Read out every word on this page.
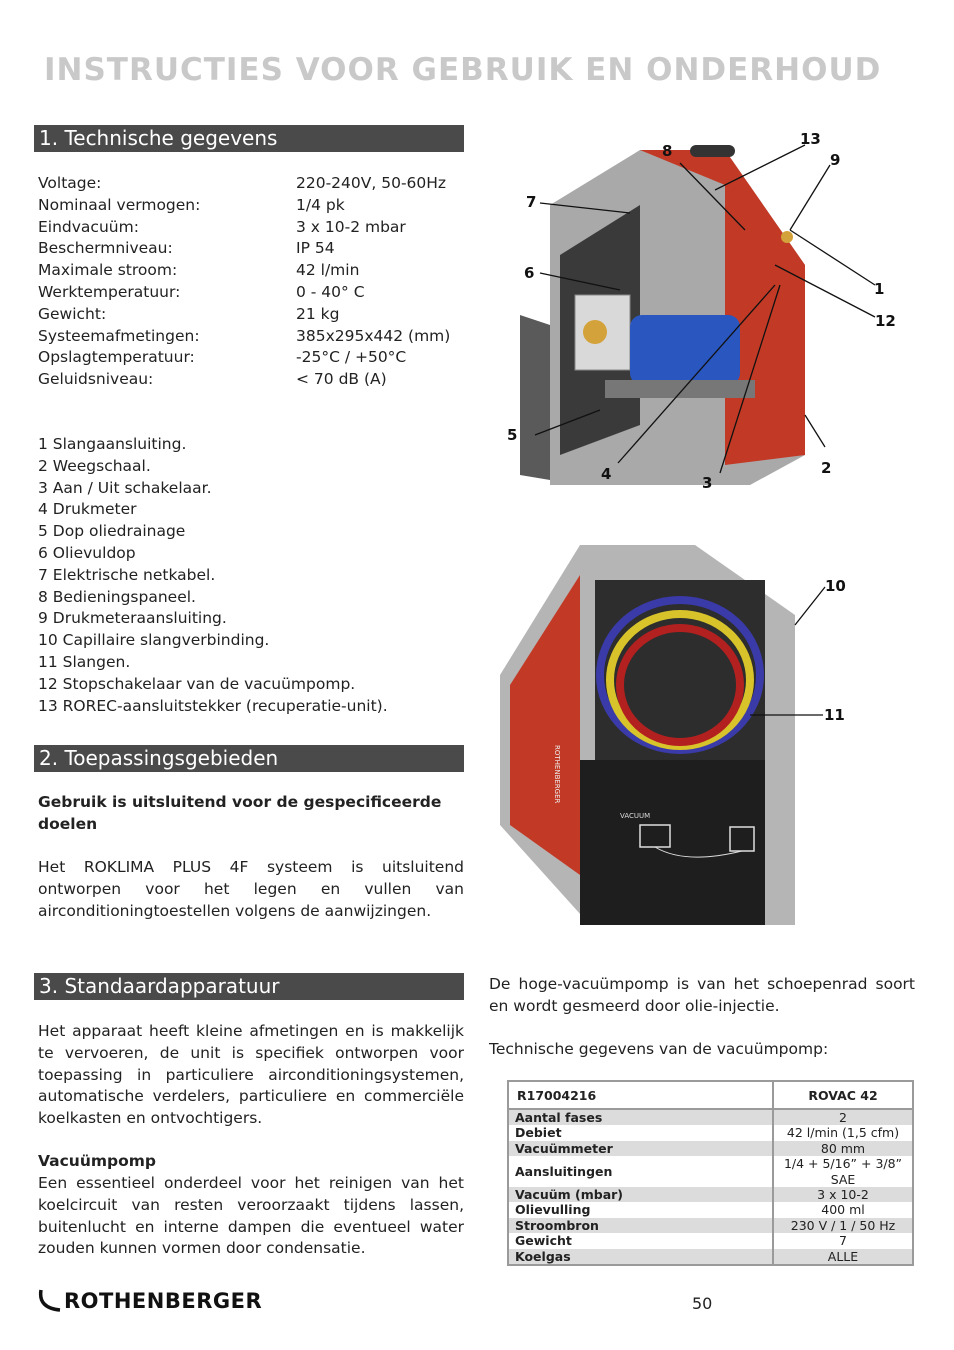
INSTRUCTIES VOOR GEBRUIK EN ONDERHOUD
1. Technische gegevens
Voltage:	220-240V, 50-60Hz
Nominaal vermogen:	1/4 pk
Eindvacuüm:	3 x 10-2 mbar
Beschermniveau:	IP 54
Maximale stroom:	42 l/min
Werktemperatuur:	0 - 40° C
Gewicht:	21 kg
Systeemafmetingen:	385x295x442 (mm)
Opslagtemperatuur:	-25°C / +50°C
Geluidsniveau:	< 70 dB (A)
1 Slangaansluiting.
2 Weegschaal.
3 Aan / Uit schakelaar.
4 Drukmeter
5 Dop oliedrainage
6 Olievuldop
7 Elektrische netkabel.
8 Bedieningspaneel.
9 Drukmeteraansluiting.
10 Capillaire slangverbinding.
11 Slangen.
12 Stopschakelaar van de vacuümpomp.
13 ROREC-aansluitstekker (recuperatie-unit).
2. Toepassingsgebieden
Gebruik is uitsluitend voor de gespecificeerde doelen
Het ROKLIMA PLUS 4F systeem is uitsluitend ontworpen voor het legen en vullen van airconditioningtoestellen volgens de aanwijzingen.
3. Standaardapparatuur
Het apparaat heeft kleine afmetingen en is makkelijk te vervoeren, de unit is specifiek ontworpen voor toepassing in particuliere airconditioningsystemen, automatische verdelers, particuliere en commerciële koelkasten en ontvochtigers.
Vacuümpomp
Een essentieel onderdeel voor het reinigen van het koelcircuit van resten veroorzaakt tijdens lassen, buitenlucht en interne dampen die eventueel water zouden kunnen vormen door condensatie.
De hoge-vacuümpomp is van het schoepenrad soort en wordt gesmeerd door olie-injectie.
Technische gegevens van de vacuümpomp:
13
9
8
7
6
1
12
5
4	3
2
VACUUM
ROTHENBERGER
10
11
R17004216	ROVAC 42
Aantal fases	2
Debiet	42 l/min (1,5 cfm)
Vacuümmeter	80 mm
Aansluitingen	1/4 + 5/16” + 3/8” SAE
Vacuüm (mbar)	3 x 10-2
Olievulling	400 ml
Stroombron	230 V / 1 / 50 Hz
Gewicht	7
Koelgas	ALLE
ROTHENBERGER	50
